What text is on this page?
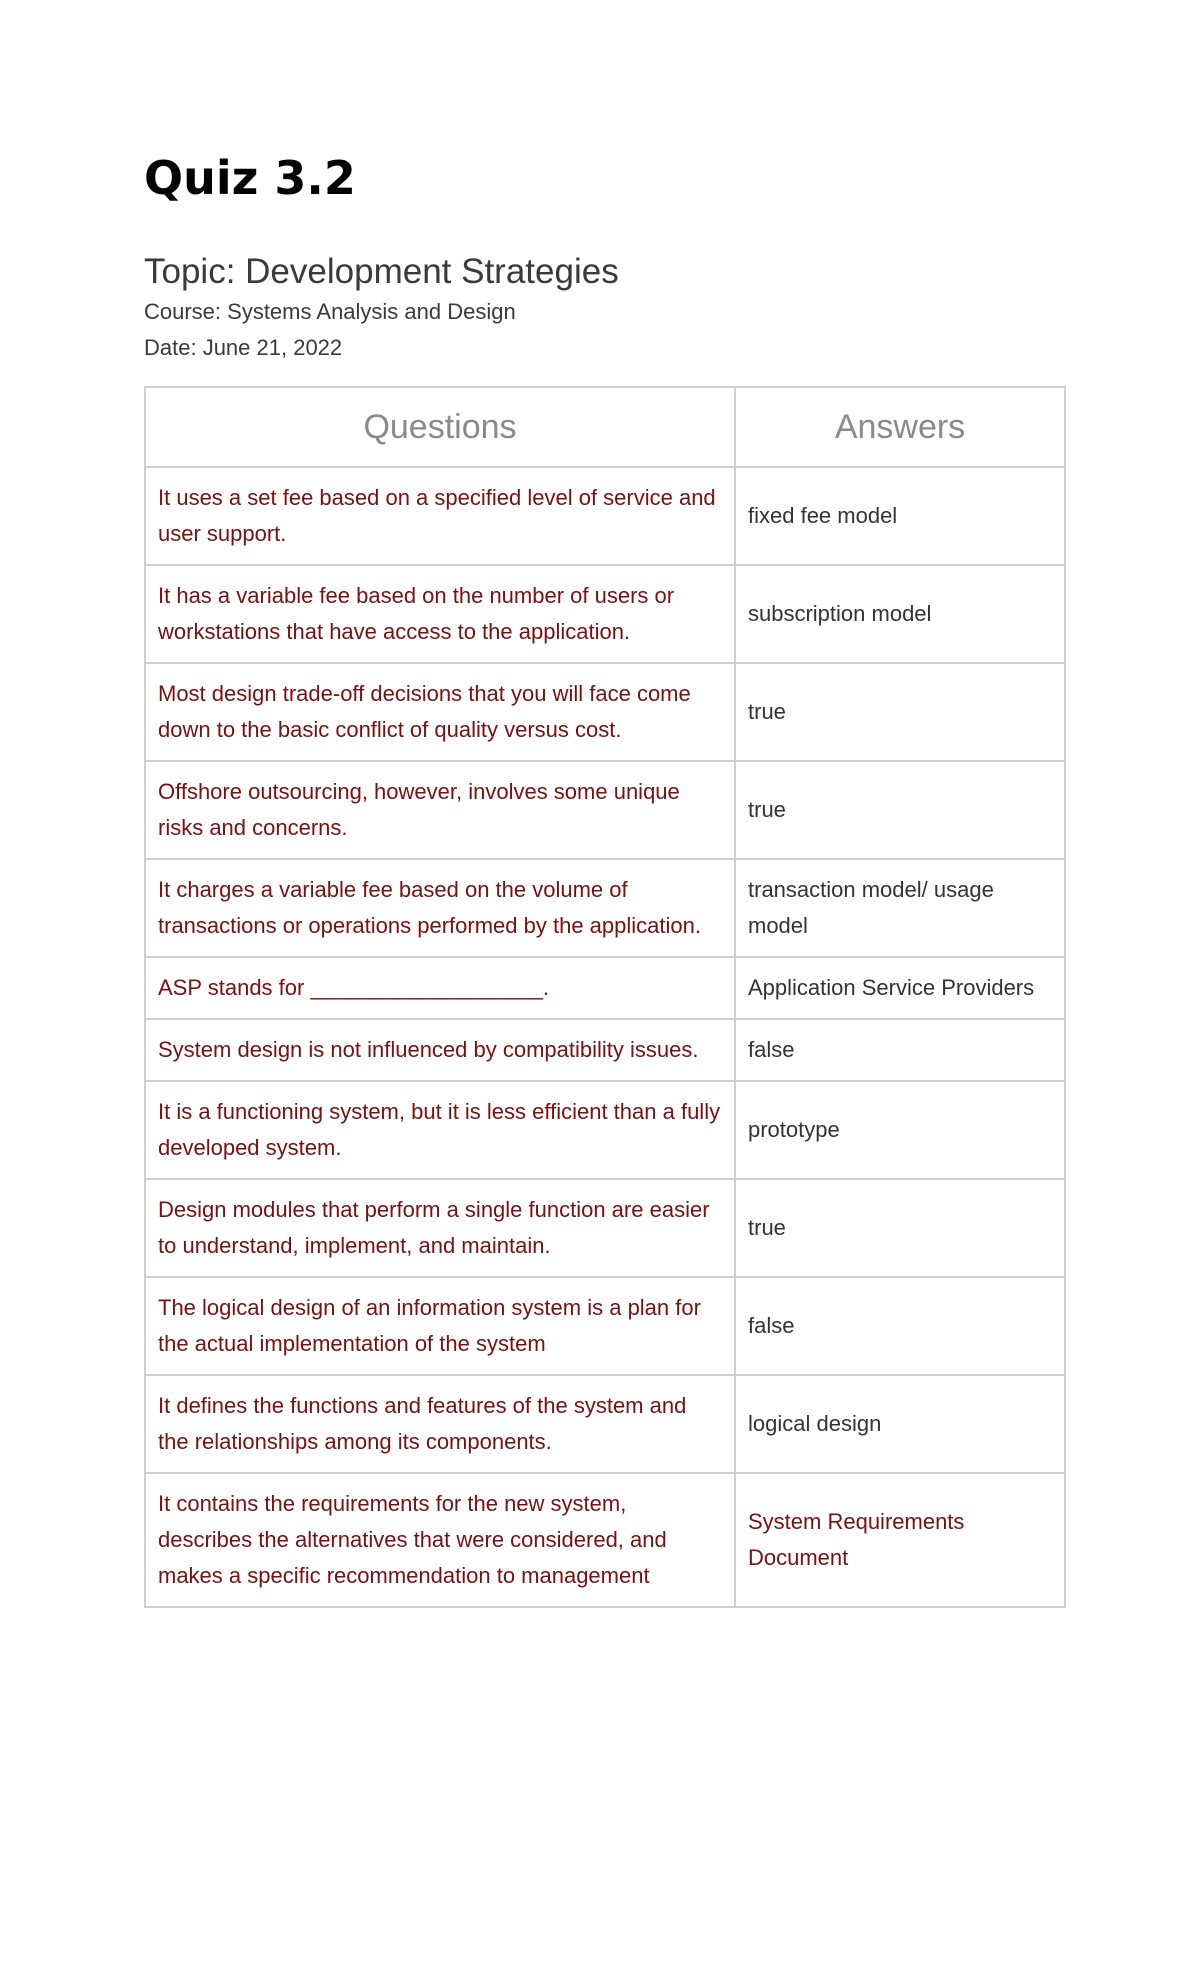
Quiz 3.2
Topic: Development Strategies
Course: Systems Analysis and Design
Date: June 21, 2022
Questions	Answers
It uses a set fee based on a specified level of service and user support.	fixed fee model
It has a variable fee based on the number of users or workstations that have access to the application.	subscription model
Most design trade-off decisions that you will face come down to the basic conflict of quality versus cost.	true
Offshore outsourcing, however, involves some unique risks and concerns.	true
It charges a variable fee based on the volume of transactions or operations performed by the application.	transaction model/ usage model
ASP stands for ___________________.	Application Service Providers
System design is not influenced by compatibility issues.	false
It is a functioning system, but it is less efficient than a fully developed system.	prototype
Design modules that perform a single function are easier to understand, implement, and maintain.	true
The logical design of an information system is a plan for the actual implementation of the system	false
It defines the functions and features of the system and the relationships among its components.	logical design
It contains the requirements for the new system, describes the alternatives that were considered, and makes a specific recommendation to management	System Requirements Document
